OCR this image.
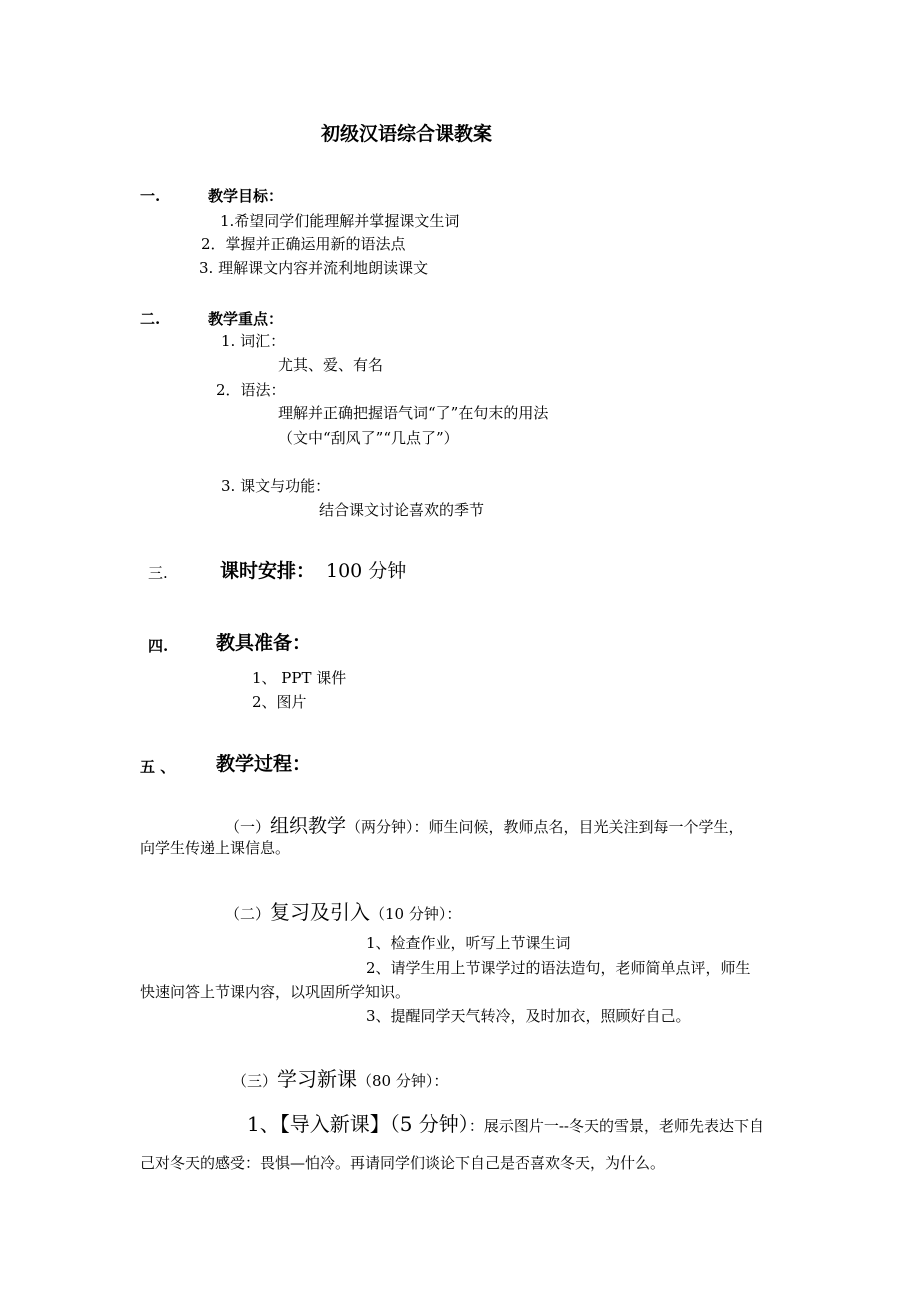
初级汉语综合课教案
一.	教学目标：
1.希望同学们能理解并掌握课文生词
2．掌握并正确运用新的语法点
3. 理解课文内容并流利地朗读课文
二.	教学重点：
1. 词汇：
尤其、爱、有名
2．语法：
理解并正确把握语气词“了”在句末的用法
（文中“刮风了”“几点了”）
3. 课文与功能：
结合课文讨论喜欢的季节
三.	课时安排： 100 分钟
四.	教具准备：
1、 PPT 课件
2、图片
五 、 教学过程：
（一）组织教学（两分钟）：师生问候，教师点名，目光关注到每一个学生，
向学生传递上课信息。
（二）复习及引入（10 分钟）：
1、检查作业，听写上节课生词
2、请学生用上节课学过的语法造句，老师简单点评，师生
快速问答上节课内容，以巩固所学知识。
3、提醒同学天气转冷，及时加衣，照顾好自己。
（三）学习新课（80 分钟）：
1、【导入新课】（5 分钟）：展示图片一--冬天的雪景，老师先表达下自
己对冬天的感受：畏惧—怕冷。再请同学们谈论下自己是否喜欢冬天，为什么。
